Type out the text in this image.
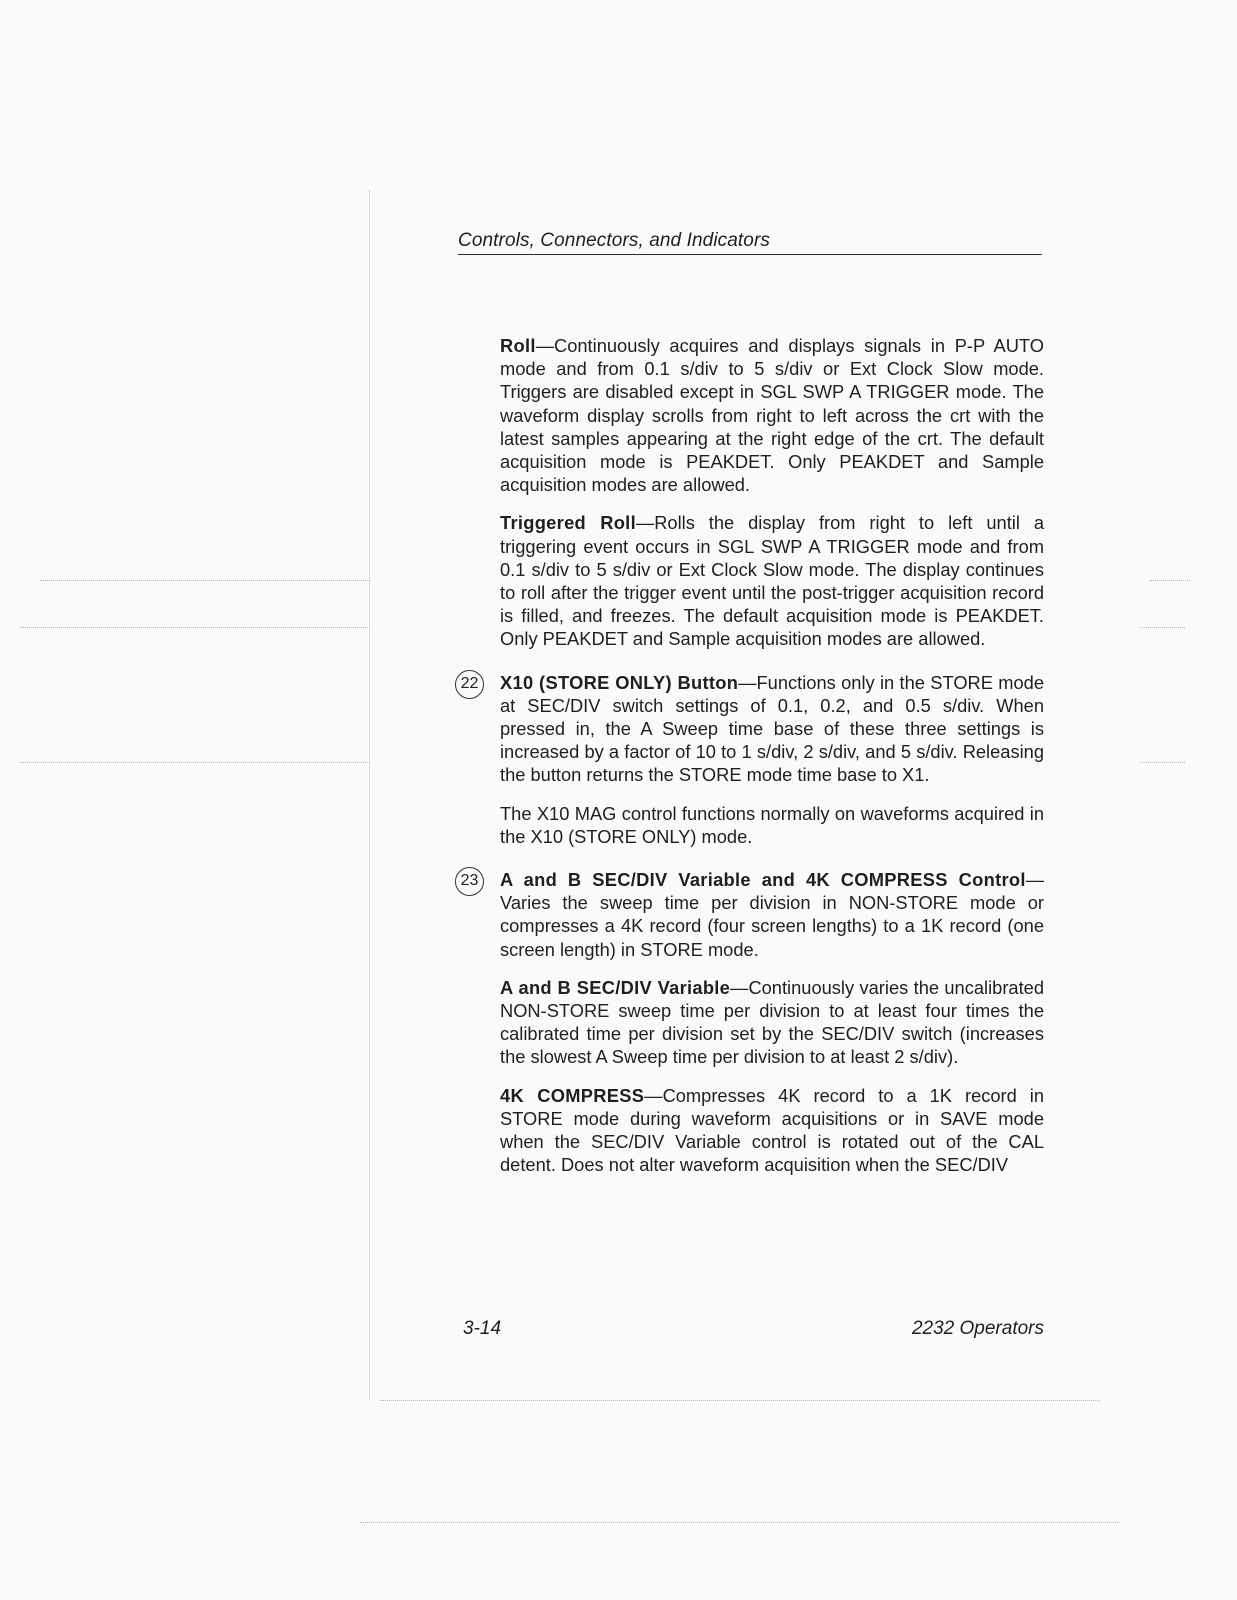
Controls, Connectors, and Indicators

Roll—Continuously acquires and displays signals in P-P AUTO mode and from 0.1 s/div to 5 s/div or Ext Clock Slow mode. Triggers are disabled except in SGL SWP A TRIGGER mode. The waveform display scrolls from right to left across the crt with the latest samples appearing at the right edge of the crt. The default acquisition mode is PEAKDET. Only PEAKDET and Sample acquisition modes are allowed.

Triggered Roll—Rolls the display from right to left until a triggering event occurs in SGL SWP A TRIGGER mode and from 0.1 s/div to 5 s/div or Ext Clock Slow mode. The display continues to roll after the trigger event until the post-trigger acquisition record is filled, and freezes. The default acquisition mode is PEAKDET. Only PEAKDET and Sample acquisition modes are allowed.

22	X10 (STORE ONLY) Button—Functions only in the STORE mode at SEC/DIV switch settings of 0.1, 0.2, and 0.5 s/div. When pressed in, the A Sweep time base of these three settings is increased by a factor of 10 to 1 s/div, 2 s/div, and 5 s/div. Releasing the button returns the STORE mode time base to X1.

The X10 MAG control functions normally on waveforms acquired in the X10 (STORE ONLY) mode.

23	A and B SEC/DIV Variable and 4K COMPRESS Control—Varies the sweep time per division in NON-STORE mode or compresses a 4K record (four screen lengths) to a 1K record (one screen length) in STORE mode.

A and B SEC/DIV Variable—Continuously varies the uncalibrated NON-STORE sweep time per division to at least four times the calibrated time per division set by the SEC/DIV switch (increases the slowest A Sweep time per division to at least 2 s/div).

4K COMPRESS—Compresses 4K record to a 1K record in STORE mode during waveform acquisitions or in SAVE mode when the SEC/DIV Variable control is rotated out of the CAL detent. Does not alter waveform acquisition when the SEC/DIV

3-14	2232 Operators
